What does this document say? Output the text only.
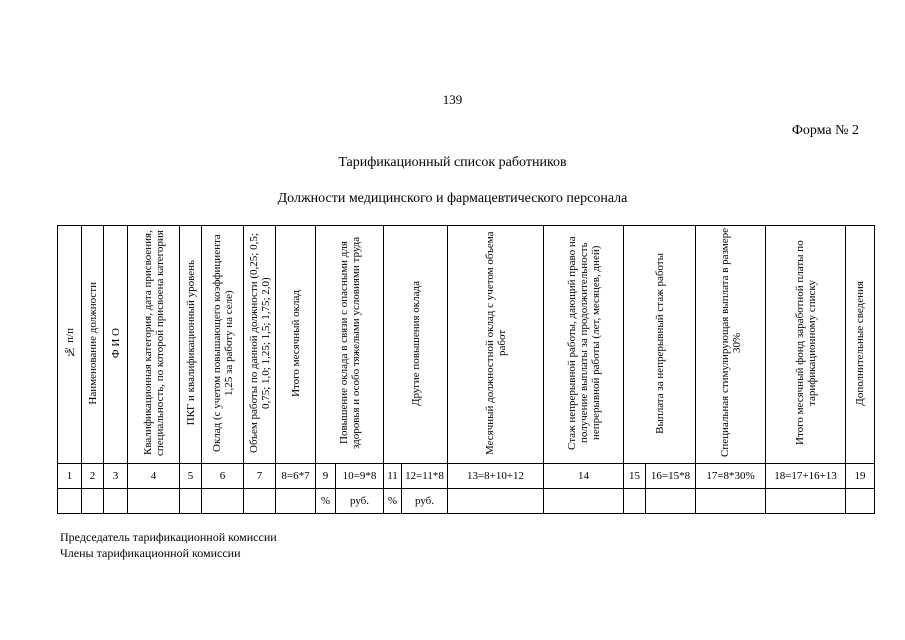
139
Форма № 2
Тарификационный список работников
Должности медицинского и фармацевтического персонала
№ п/п	Наименование должности	Ф И О	Квалификационная категория, дата присвоения, специальность, по которой присвоена категория	ПКГ и квалификационный уровень	Оклад (с учетом повышающего коэффициента 1,25 за работу на селе)	Объем работы по данной должности (0,25; 0,5; 0,75; 1,0; 1,25; 1,5; 1,75; 2,0)	Итого месячный оклад	Повышение оклада в связи с опасными для здоровья и особо тяжелыми условиями труда		Другие повышения оклада		Месячный должностной оклад с учетом объема работ	Стаж непрерывной работы, дающий право на получение выплаты за продолжительность непрерывной работы (лет, месяцев, дней)	Выплата за непрерывный стаж работы		Специальная стимулирующая выплата в размере 30%	Итого месячный фонд заработной платы по тарификационному списку	Дополнительные сведения
1	2	3	4	5	6	7	8=6*7	9	10=9*8	11	12=11*8	13=8+10+12	14	15	16=15*8	17=8*30%	18=17+16+13	19
								%	руб.	%	руб.							
Председатель тарификационной комиссии
Члены тарификационной комиссии
